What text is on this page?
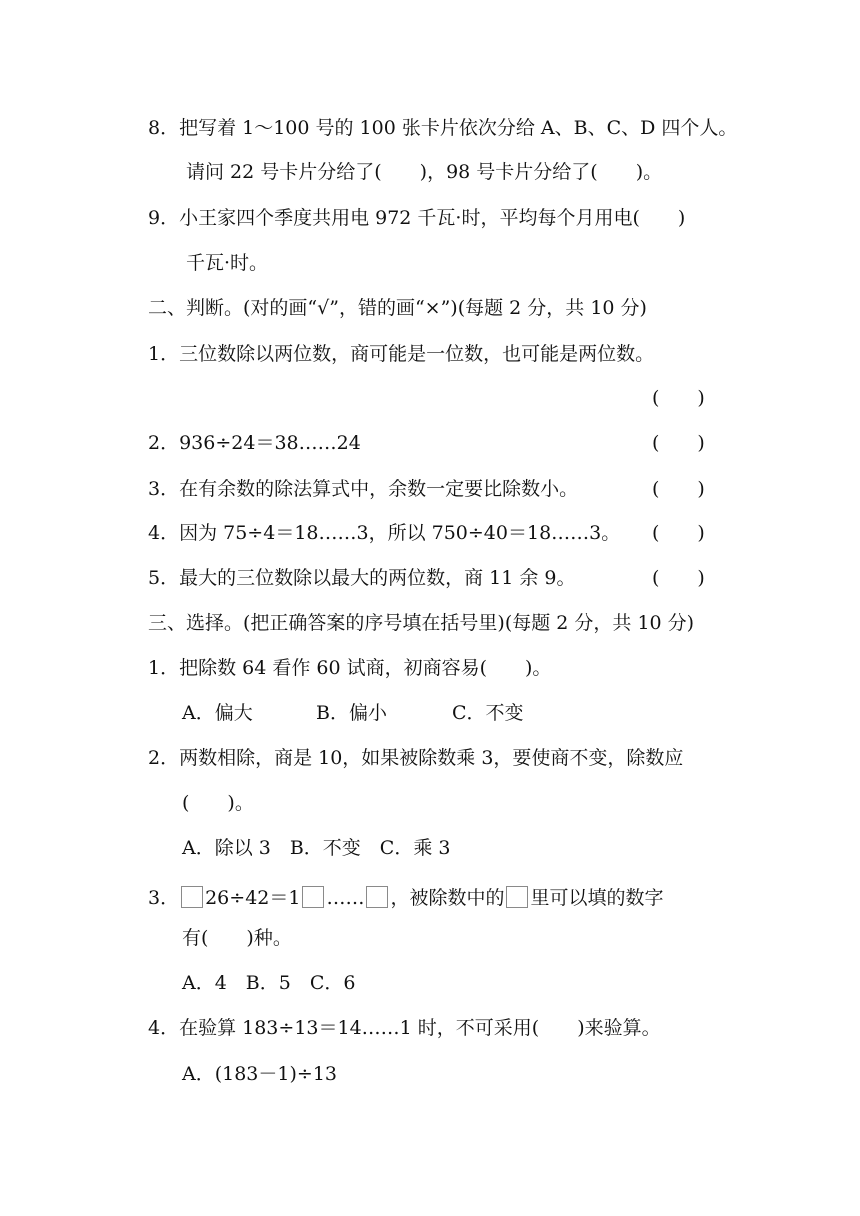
8．把写着 1～100 号的 100 张卡片依次分给 A、B、C、D 四个人。
请问 22 号卡片分给了(　　)，98 号卡片分给了(　　)。
9．小王家四个季度共用电 972 千瓦·时，平均每个月用电(　　)
千瓦·时。
二、判断。(对的画“√”，错的画“×”)(每题 2 分，共 10 分)
1．三位数除以两位数，商可能是一位数，也可能是两位数。
(　　)
2．936÷24＝38……24	(　　)
3．在有余数的除法算式中，余数一定要比除数小。	(　　)
4．因为 75÷4＝18……3，所以 750÷40＝18……3。 (　　)
5．最大的三位数除以最大的两位数，商 11 余 9。	(　　)
三、选择。(把正确答案的序号填在括号里)(每题 2 分，共 10 分)
1．把除数 64 看作 60 试商，初商容易(　　)。
A．偏大	B．偏小	C．不变
2．两数相除，商是 10，如果被除数乘 3，要使商不变，除数应
(　　)。
A．除以 3　B．不变　C．乘 3
3． 26÷42＝1 …… ，被除数中的 里可以填的数字
有(　　)种。
A．4　B．5　C．6
4．在验算 183÷13＝14……1 时，不可采用(　　)来验算。
A．(183－1)÷13
